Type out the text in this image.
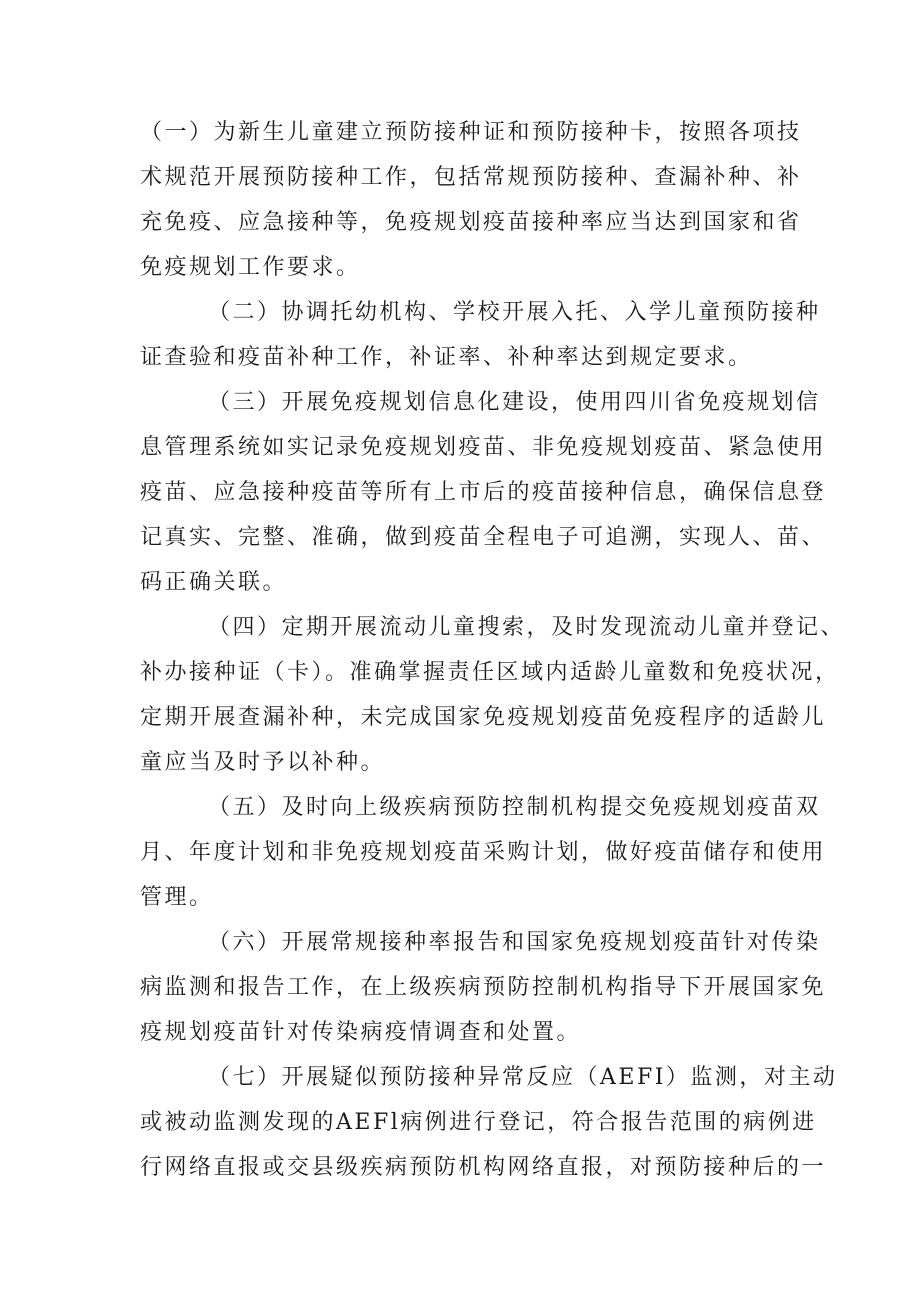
（一）为新生儿童建立预防接种证和预防接种卡，按照各项技
术规范开展预防接种工作，包括常规预防接种、查漏补种、补
充免疫、应急接种等，免疫规划疫苗接种率应当达到国家和省
免疫规划工作要求。
（二）协调托幼机构、学校开展入托、入学儿童预防接种
证查验和疫苗补种工作，补证率、补种率达到规定要求。
（三）开展免疫规划信息化建设，使用四川省免疫规划信
息管理系统如实记录免疫规划疫苗、非免疫规划疫苗、紧急使用
疫苗、应急接种疫苗等所有上市后的疫苗接种信息，确保信息登
记真实、完整、准确，做到疫苗全程电子可追溯，实现人、苗、
码正确关联。
（四）定期开展流动儿童搜索，及时发现流动儿童并登记、
补办接种证（卡）。准确掌握责任区域内适龄儿童数和免疫状况，
定期开展查漏补种，未完成国家免疫规划疫苗免疫程序的适龄儿
童应当及时予以补种。
（五）及时向上级疾病预防控制机构提交免疫规划疫苗双
月、年度计划和非免疫规划疫苗采购计划，做好疫苗储存和使用
管理。
（六）开展常规接种率报告和国家免疫规划疫苗针对传染
病监测和报告工作，在上级疾病预防控制机构指导下开展国家免
疫规划疫苗针对传染病疫情调查和处置。
（七）开展疑似预防接种异常反应（AEFI）监测，对主动
或被动监测发现的AEFl病例进行登记，符合报告范围的病例进
行网络直报或交县级疾病预防机构网络直报，对预防接种后的一
